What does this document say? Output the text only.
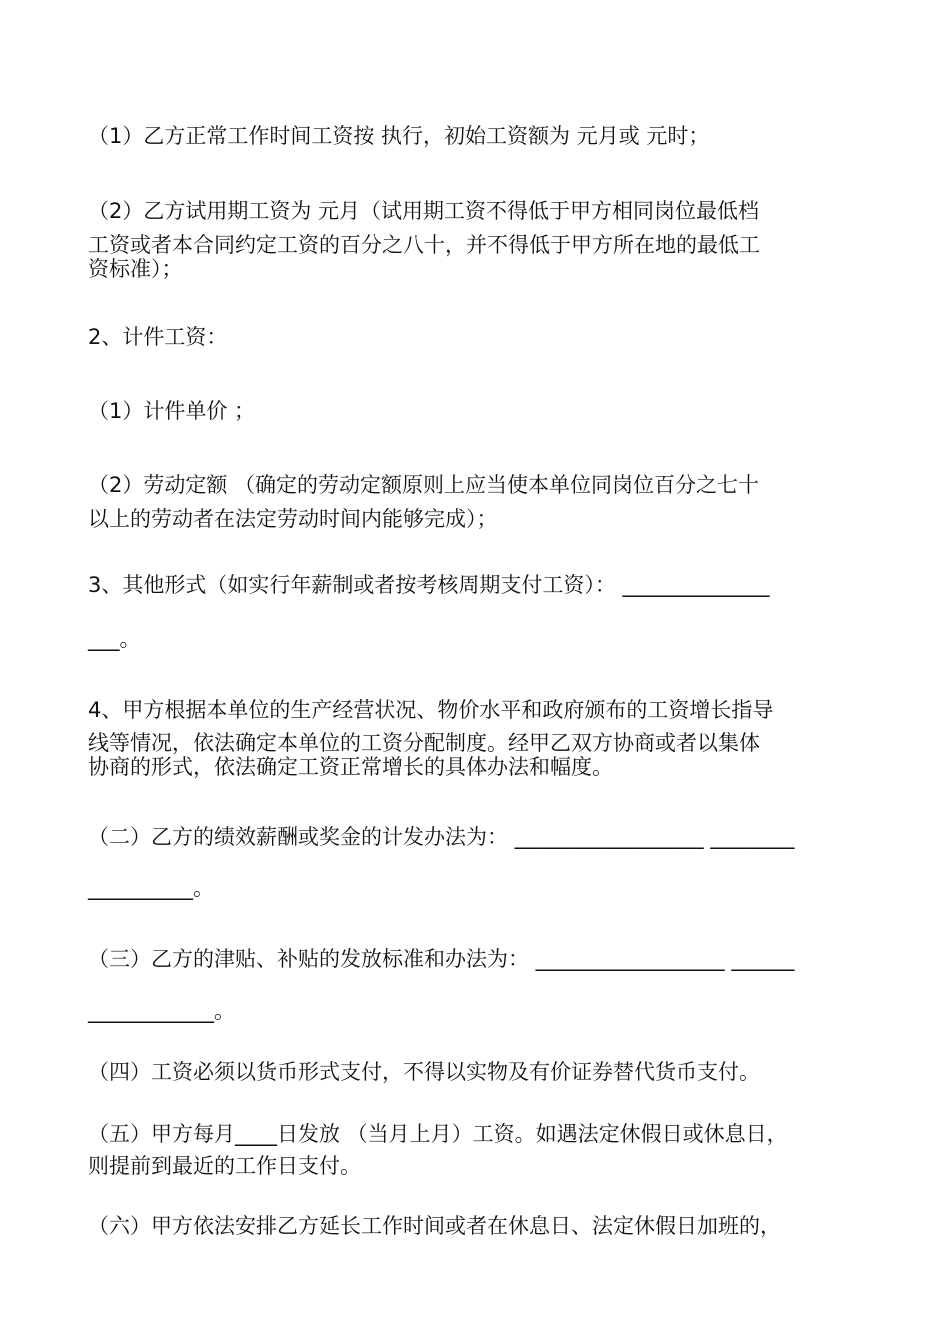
（1）乙方正常工作时间工资按 执行，初始工资额为 元月或 元时；
（2）乙方试用期工资为 元月（试用期工资不得低于甲方相同岗位最低档
工资或者本合同约定工资的百分之八十，并不得低于甲方所在地的最低工
资标准）；
2、计件工资：
（1）计件单价 ；
（2）劳动定额 （确定的劳动定额原则上应当使本单位同岗位百分之七十
以上的劳动者在法定劳动时间内能够完成）；
3、其他形式（如实行年薪制或者按考核周期支付工资）： ______________
___。
4、甲方根据本单位的生产经营状况、物价水平和政府颁布的工资增长指导
线等情况，依法确定本单位的工资分配制度。经甲乙双方协商或者以集体
协商的形式，依法确定工资正常增长的具体办法和幅度。
（二）乙方的绩效薪酬或奖金的计发办法为： __________________ ________
__________。
（三）乙方的津贴、补贴的发放标准和办法为： __________________ ______
____________。
（四）工资必须以货币形式支付，不得以实物及有价证券替代货币支付。
（五）甲方每月____日发放 （当月上月）工资。如遇法定休假日或休息日，
则提前到最近的工作日支付。
（六）甲方依法安排乙方延长工作时间或者在休息日、法定休假日加班的，
